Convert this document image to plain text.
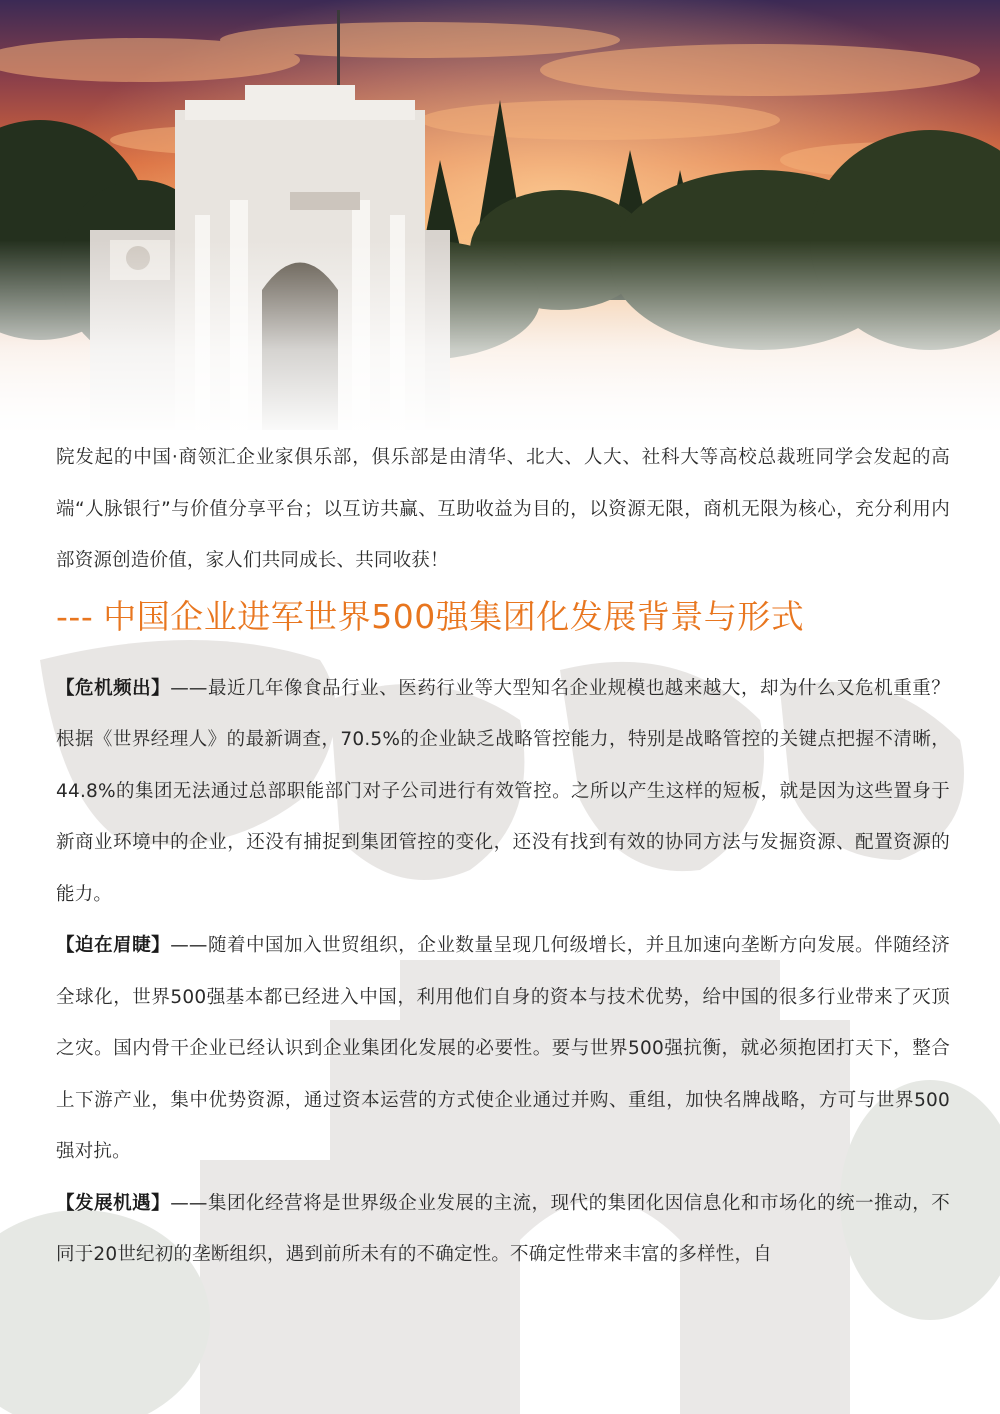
院发起的中国·商领汇企业家俱乐部，俱乐部是由清华、北大、人大、社科大等高校总裁班同学会发起的高端“人脉银行”与价值分享平台；以互访共赢、互助收益为目的，以资源无限，商机无限为核心，充分利用内部资源创造价值，家人们共同成长、共同收获！

--- 中国企业进军世界500强集团化发展背景与形式

【危机频出】——最近几年像食品行业、医药行业等大型知名企业规模也越来越大，却为什么又危机重重？根据《世界经理人》的最新调查，70.5%的企业缺乏战略管控能力，特别是战略管控的关键点把握不清晰，44.8%的集团无法通过总部职能部门对子公司进行有效管控。之所以产生这样的短板，就是因为这些置身于新商业环境中的企业，还没有捕捉到集团管控的变化，还没有找到有效的协同方法与发掘资源、配置资源的能力。

【迫在眉睫】——随着中国加入世贸组织，企业数量呈现几何级增长，并且加速向垄断方向发展。伴随经济全球化，世界500强基本都已经进入中国，利用他们自身的资本与技术优势，给中国的很多行业带来了灭顶之灾。国内骨干企业已经认识到企业集团化发展的必要性。要与世界500强抗衡，就必须抱团打天下，整合上下游产业，集中优势资源，通过资本运营的方式使企业通过并购、重组，加快名牌战略，方可与世界500强对抗。

【发展机遇】——集团化经营将是世界级企业发展的主流，现代的集团化因信息化和市场化的统一推动，不同于20世纪初的垄断组织，遇到前所未有的不确定性。不确定性带来丰富的多样性，自
